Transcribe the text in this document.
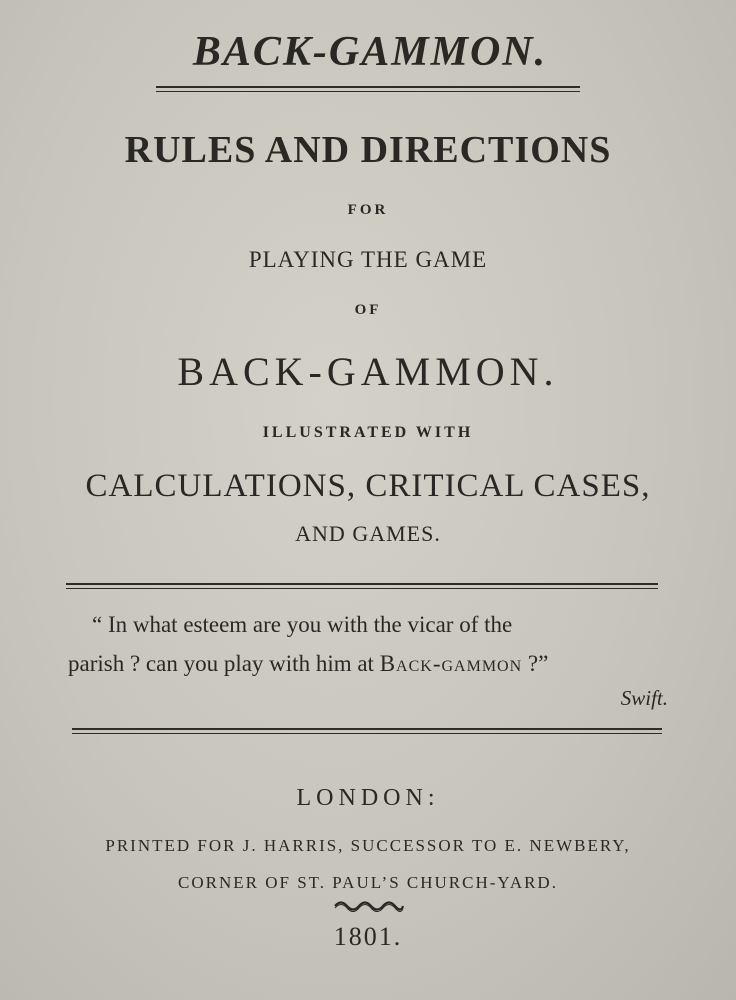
BACK-GAMMON.
RULES AND DIRECTIONS
FOR
PLAYING THE GAME
OF
BACK-GAMMON.
ILLUSTRATED WITH
CALCULATIONS, CRITICAL CASES,
AND GAMES.
“ In what esteem are you with the vicar of the
parish ? can you play with him at Back-gammon ?”
Swift.
LONDON:
PRINTED FOR J. HARRIS, SUCCESSOR TO E. NEWBERY,
CORNER OF ST. PAUL’S CHURCH-YARD.
1801.
